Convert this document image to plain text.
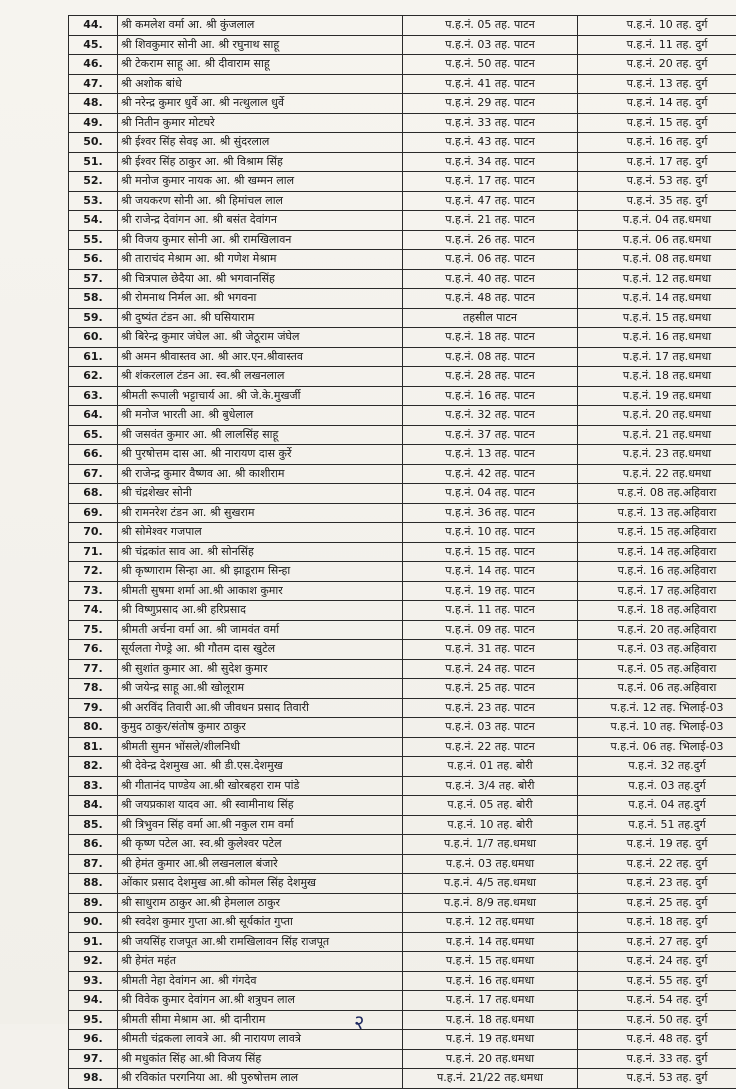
44.	श्री कमलेश वर्मा आ. श्री कुंजलाल	प.ह.नं. 05 तह. पाटन	प.ह.नं. 10 तह. दुर्ग
45.	श्री शिवकुमार सोनी आ. श्री रघुनाथ साहू	प.ह.नं. 03 तह. पाटन	प.ह.नं. 11 तह. दुर्ग
46.	श्री टेकराम साहू आ. श्री दीवाराम साहू	प.ह.नं. 50 तह. पाटन	प.ह.नं. 20 तह. दुर्ग
47.	श्री अशोक बांधे	प.ह.नं. 41 तह. पाटन	प.ह.नं. 13 तह. दुर्ग
48.	श्री नरेन्द्र कुमार धुर्वे आ. श्री नत्थुलाल धुर्वे	प.ह.नं. 29 तह. पाटन	प.ह.नं. 14 तह. दुर्ग
49.	श्री नितीन कुमार मोटघरे	प.ह.नं. 33 तह. पाटन	प.ह.नं. 15 तह. दुर्ग
50.	श्री ईश्वर सिंह सेवइ आ. श्री सुंदरलाल	प.ह.नं. 43 तह. पाटन	प.ह.नं. 16 तह. दुर्ग
51.	श्री ईश्वर सिंह ठाकुर आ. श्री विश्राम सिंह	प.ह.नं. 34 तह. पाटन	प.ह.नं. 17 तह. दुर्ग
52.	श्री मनोज कुमार नायक आ. श्री खम्मन लाल	प.ह.नं. 17 तह. पाटन	प.ह.नं. 53 तह. दुर्ग
53.	श्री जयकरण सोनी आ. श्री हिमांचल लाल	प.ह.नं. 47 तह. पाटन	प.ह.नं. 35 तह. दुर्ग
54.	श्री राजेन्द्र देवांगन आ. श्री बसंत देवांगन	प.ह.नं. 21 तह. पाटन	प.ह.नं. 04 तह.धमधा
55.	श्री विजय कुमार सोनी आ. श्री रामखिलावन	प.ह.नं. 26 तह. पाटन	प.ह.नं. 06 तह.धमधा
56.	श्री ताराचंद मेश्राम आ. श्री गणेश मेश्राम	प.ह.नं. 06 तह. पाटन	प.ह.नं. 08 तह.धमधा
57.	श्री चित्रपाल छेदैया आ. श्री भगवानसिंह	प.ह.नं. 40 तह. पाटन	प.ह.नं. 12 तह.धमधा
58.	श्री रोमनाथ निर्मल आ. श्री भगवना	प.ह.नं. 48 तह. पाटन	प.ह.नं. 14 तह.धमधा
59.	श्री दुष्यंत टंडन आ. श्री घसियाराम	तहसील पाटन	प.ह.नं. 15 तह.धमधा
60.	श्री बिरेन्द्र कुमार जंघेल आ. श्री जेठूराम जंघेल	प.ह.नं. 18 तह. पाटन	प.ह.नं. 16 तह.धमधा
61.	श्री अमन श्रीवास्तव आ. श्री आर.एन.श्रीवास्तव	प.ह.नं. 08 तह. पाटन	प.ह.नं. 17 तह.धमधा
62.	श्री शंकरलाल टंडन आ. स्व.श्री लखनलाल	प.ह.नं. 28 तह. पाटन	प.ह.नं. 18 तह.धमधा
63.	श्रीमती रूपाली भट्टाचार्य आ. श्री जे.के.मुखर्जी	प.ह.नं. 16 तह. पाटन	प.ह.नं. 19 तह.धमधा
64.	श्री मनोज भारती आ. श्री बुधेलाल	प.ह.नं. 32 तह. पाटन	प.ह.नं. 20 तह.धमधा
65.	श्री जसवंत कुमार आ. श्री लालसिंह साहू	प.ह.नं. 37 तह. पाटन	प.ह.नं. 21 तह.धमधा
66.	श्री पुरषोत्तम दास आ. श्री नारायण दास कुर्रे	प.ह.नं. 13 तह. पाटन	प.ह.नं. 23 तह.धमधा
67.	श्री राजेन्द्र कुमार वैष्णव आ. श्री काशीराम	प.ह.नं. 42 तह. पाटन	प.ह.नं. 22 तह.धमधा
68.	श्री चंद्रशेखर सोनी	प.ह.नं. 04 तह. पाटन	प.ह.नं. 08 तह.अहिवारा
69.	श्री रामनरेश टंडन आ. श्री सुखराम	प.ह.नं. 36 तह. पाटन	प.ह.नं. 13 तह.अहिवारा
70.	श्री सोमेश्वर गजपाल	प.ह.नं. 10 तह. पाटन	प.ह.नं. 15 तह.अहिवारा
71.	श्री चंद्रकांत साव आ. श्री सोनसिंह	प.ह.नं. 15 तह. पाटन	प.ह.नं. 14 तह.अहिवारा
72.	श्री कृष्णाराम सिन्हा आ. श्री झाडूराम सिन्हा	प.ह.नं. 14 तह. पाटन	प.ह.नं. 16 तह.अहिवारा
73.	श्रीमती सुषमा शर्मा आ.श्री आकाश कुमार	प.ह.नं. 19 तह. पाटन	प.ह.नं. 17 तह.अहिवारा
74.	श्री विष्णुप्रसाद आ.श्री हरिप्रसाद	प.ह.नं. 11 तह. पाटन	प.ह.नं. 18 तह.अहिवारा
75.	श्रीमती अर्चना वर्मा आ. श्री जामवंत वर्मा	प.ह.नं. 09 तह. पाटन	प.ह.नं. 20 तह.अहिवारा
76.	सूर्यलता गेण्ड्रे आ. श्री गौतम दास खुटेल	प.ह.नं. 31 तह. पाटन	प.ह.नं. 03 तह.अहिवारा
77.	श्री सुशांत कुमार आ. श्री सुदेश कुमार	प.ह.नं. 24 तह. पाटन	प.ह.नं. 05 तह.अहिवारा
78.	श्री जयेन्द्र साहू आ.श्री खोलूराम	प.ह.नं. 25 तह. पाटन	प.ह.नं. 06 तह.अहिवारा
79.	श्री अरविंद तिवारी आ.श्री जीवधन प्रसाद तिवारी	प.ह.नं. 23 तह. पाटन	प.ह.नं. 12 तह. भिलाई-03
80.	कुमुद ठाकुर/संतोष कुमार ठाकुर	प.ह.नं. 03 तह. पाटन	प.ह.नं. 10 तह. भिलाई-03
81.	श्रीमती सुमन भोंसले/शीलनिधी	प.ह.नं. 22 तह. पाटन	प.ह.नं. 06 तह. भिलाई-03
82.	श्री देवेन्द्र देशमुख आ. श्री डी.एस.देशमुख	प.ह.नं. 01 तह. बोरी	प.ह.नं. 32 तह.दुर्ग
83.	श्री गीतानंद पाण्डेय आ.श्री खोरबहरा राम पांडे	प.ह.नं. 3/4 तह. बोरी	प.ह.नं. 03 तह.दुर्ग
84.	श्री जयप्रकाश यादव आ. श्री स्वामीनाथ सिंह	प.ह.नं. 05 तह. बोरी	प.ह.नं. 04 तह.दुर्ग
85.	श्री त्रिभुवन सिंह वर्मा आ.श्री नकुल राम वर्मा	प.ह.नं. 10 तह. बोरी	प.ह.नं. 51 तह.दुर्ग
86.	श्री कृष्ण पटेल आ. स्व.श्री कुलेश्वर पटेल	प.ह.नं. 1/7 तह.धमधा	प.ह.नं. 19 तह. दुर्ग
87.	श्री हेमंत कुमार आ.श्री लखनलाल बंजारे	प.ह.नं. 03 तह.धमधा	प.ह.नं. 22 तह. दुर्ग
88.	ओंकार प्रसाद देशमुख आ.श्री कोमल सिंह देशमुख	प.ह.नं. 4/5 तह.धमधा	प.ह.नं. 23 तह. दुर्ग
89.	श्री साधुराम ठाकुर आ.श्री हेमलाल ठाकुर	प.ह.नं. 8/9 तह.धमधा	प.ह.नं. 25 तह. दुर्ग
90.	श्री स्वदेश कुमार गुप्ता आ.श्री सूर्यकांत गुप्ता	प.ह.नं. 12 तह.धमधा	प.ह.नं. 18 तह. दुर्ग
91.	श्री जयसिंह राजपूत आ.श्री रामखिलावन सिंह राजपूत	प.ह.नं. 14 तह.धमधा	प.ह.नं. 27 तह. दुर्ग
92.	श्री हेमंत महंत	प.ह.नं. 15 तह.धमधा	प.ह.नं. 24 तह. दुर्ग
93.	श्रीमती नेहा देवांगन आ. श्री गंगदेव	प.ह.नं. 16 तह.धमधा	प.ह.नं. 55 तह. दुर्ग
94.	श्री विवेक कुमार देवांगन आ.श्री शत्रुघन लाल	प.ह.नं. 17 तह.धमधा	प.ह.नं. 54 तह. दुर्ग
95.	श्रीमती सीमा मेश्राम आ. श्री दानीराम	प.ह.नं. 18 तह.धमधा	प.ह.नं. 50 तह. दुर्ग
96.	श्रीमती चंद्रकला लावत्रे आ. श्री नारायण लावत्रे	प.ह.नं. 19 तह.धमधा	प.ह.नं. 48 तह. दुर्ग
97.	श्री मधुकांत सिंह आ.श्री विजय सिंह	प.ह.नं. 20 तह.धमधा	प.ह.नं. 33 तह. दुर्ग
98.	श्री रविकांत परगनिया आ. श्री पुरुषोत्तम लाल	प.ह.नं. 21/22 तह.धमधा	प.ह.नं. 53 तह. दुर्ग
२
